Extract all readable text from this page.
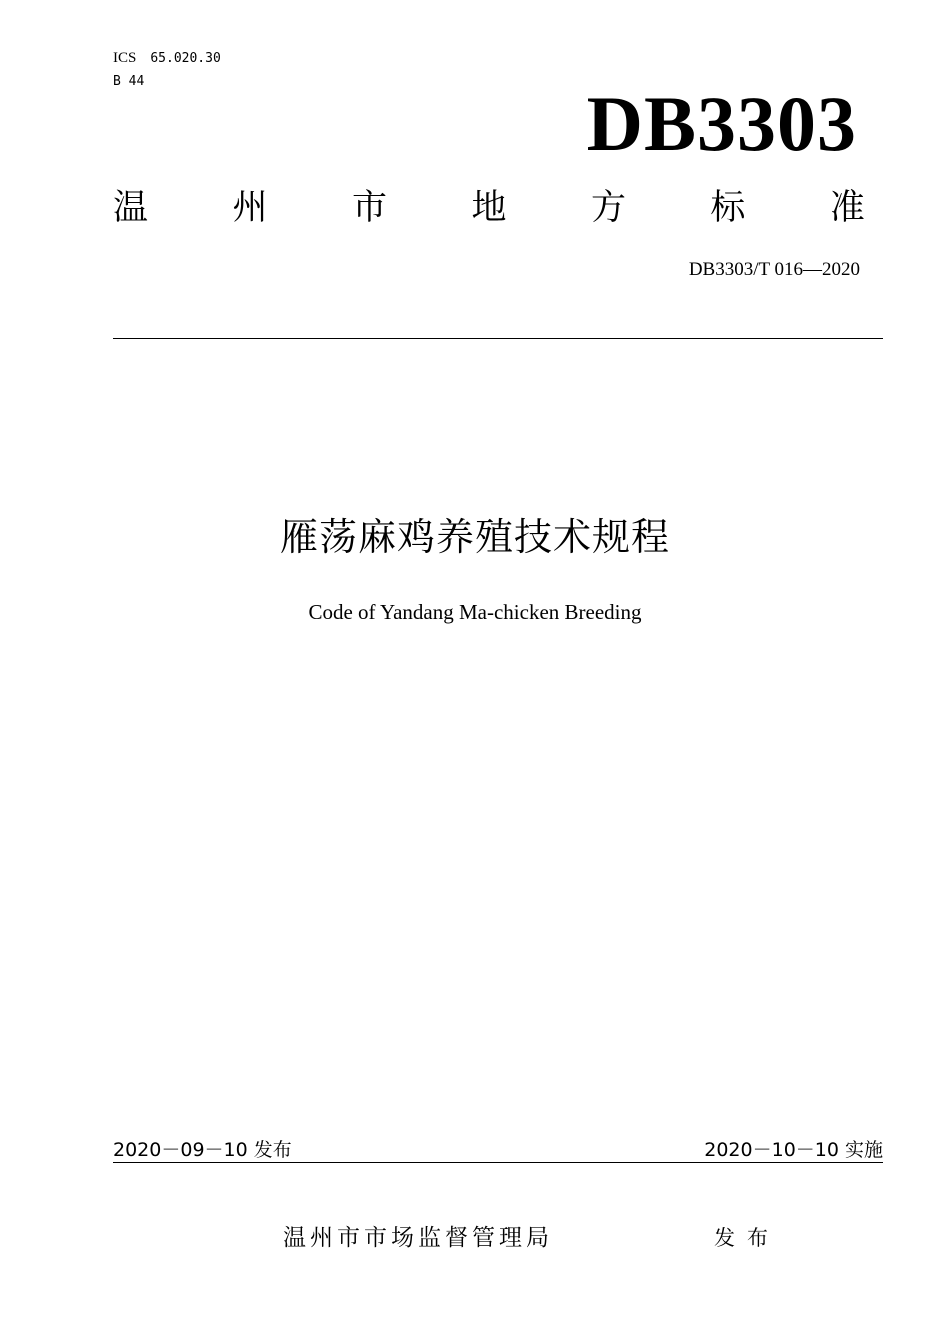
ICS 65.020.30
B 44	DB3303
温 州 市 地 方 标 准
DB3303/T 016—2020
雁荡麻鸡养殖技术规程
Code of Yandang Ma-chicken Breeding
2020－09－10 发布	2020－10－10 实施
温州市市场监督管理局	发布
